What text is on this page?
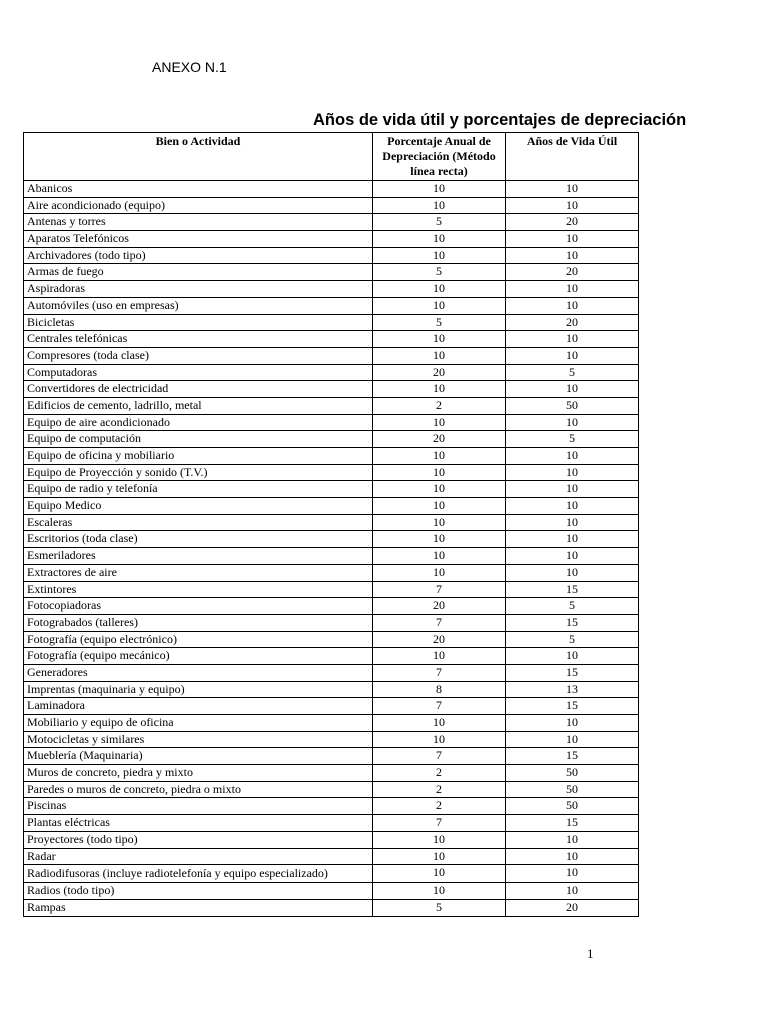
ANEXO N.1
Años de vida útil y porcentajes de depreciación
Bien o Actividad	Porcentaje Anual de Depreciación (Método línea recta)	Años de Vida Útil
Abanicos	10	10
Aire acondicionado (equipo)	10	10
Antenas y torres	5	20
Aparatos Telefónicos	10	10
Archivadores (todo tipo)	10	10
Armas de fuego	5	20
Aspiradoras	10	10
Automóviles (uso en empresas)	10	10
Bicicletas	5	20
Centrales telefónicas	10	10
Compresores (toda clase)	10	10
Computadoras	20	5
Convertidores de electricidad	10	10
Edificios de cemento, ladrillo, metal	2	50
Equipo de aire acondicionado	10	10
Equipo de computación	20	5
Equipo de oficina y mobiliario	10	10
Equipo de Proyección y sonido (T.V.)	10	10
Equipo de radio y telefonía	10	10
Equipo Medico	10	10
Escaleras	10	10
Escritorios (toda clase)	10	10
Esmeriladores	10	10
Extractores de aire	10	10
Extintores	7	15
Fotocopiadoras	20	5
Fotograbados (talleres)	7	15
Fotografía (equipo electrónico)	20	5
Fotografía (equipo mecánico)	10	10
Generadores	7	15
Imprentas (maquinaria y equipo)	8	13
Laminadora	7	15
Mobiliario y equipo de oficina	10	10
Motocicletas y similares	10	10
Mueblería (Maquinaria)	7	15
Muros de concreto, piedra y mixto	2	50
Paredes o muros de concreto, piedra o mixto	2	50
Piscinas	2	50
Plantas eléctricas	7	15
Proyectores (todo tipo)	10	10
Radar	10	10
Radiodifusoras (incluye radiotelefonía y equipo especializado)	10	10
Radios (todo tipo)	10	10
Rampas	5	20
1
